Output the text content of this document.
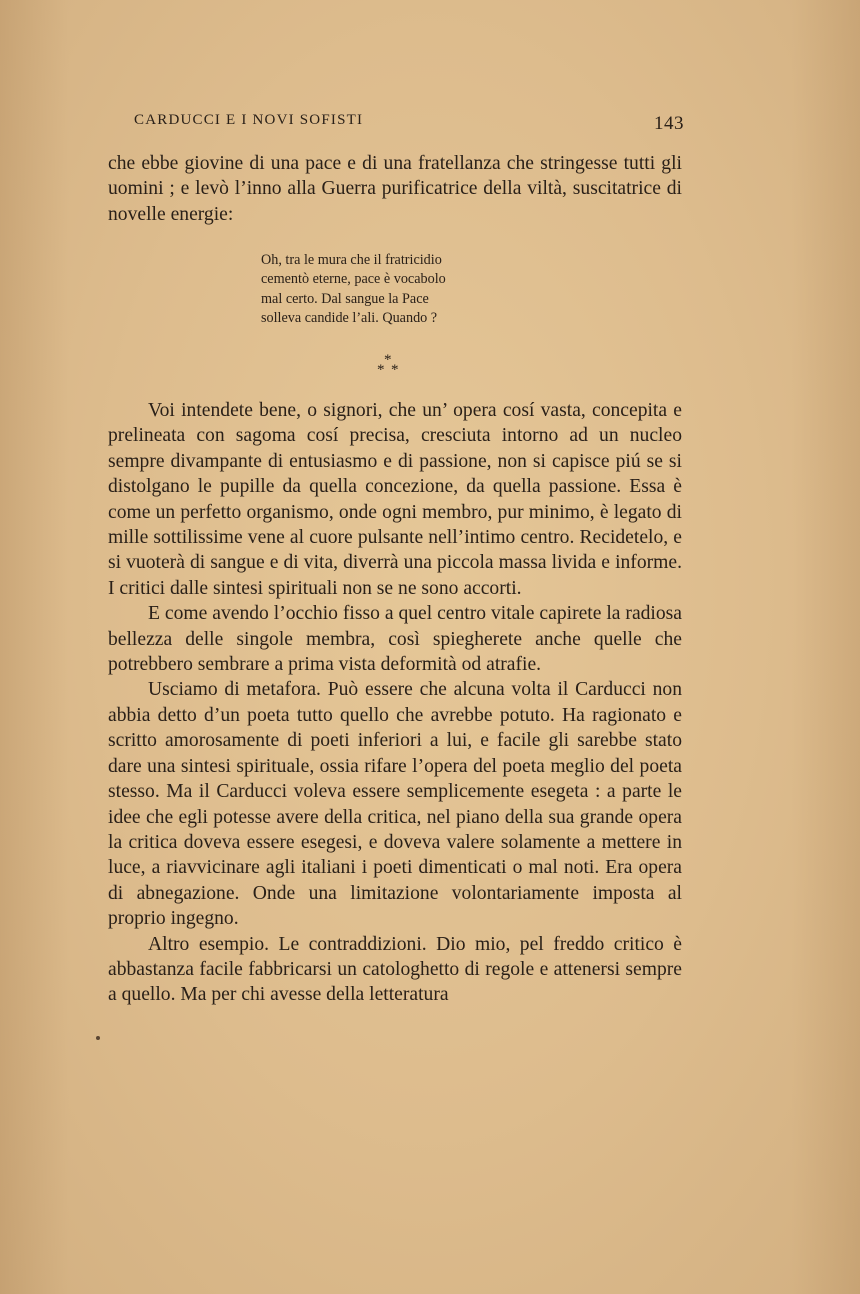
CARDUCCI E I NOVI SOFISTI	143

che ebbe giovine di una pace e di una fratellanza che stringesse tutti gli uomini ; e levò l’inno alla Guerra purificatrice della viltà, suscitatrice di novelle energie:

Oh, tra le mura che il fratricidio
cementò eterne, pace è vocabolo
mal certo. Dal sangue la Pace
solleva candide l’ali. Quando ?
*
* *

Voi intendete bene, o signori, che un’ opera cosí vasta, concepita e prelineata con sagoma cosí precisa, cresciuta intorno ad un nucleo sempre divampante di entusiasmo e di passione, non si capisce piú se si distolgano le pupille da quella concezione, da quella passione. Essa è come un perfetto organismo, onde ogni membro, pur minimo, è legato di mille sottilissime vene al cuore pulsante nell’intimo centro. Recidetelo, e si vuoterà di sangue e di vita, diverrà una piccola massa livida e informe. I critici dalle sintesi spirituali non se ne sono accorti.

E come avendo l’occhio fisso a quel centro vitale capirete la radiosa bellezza delle singole membra, così spiegherete anche quelle che potrebbero sembrare a prima vista deformità od atrafie.

Usciamo di metafora. Può essere che alcuna volta il Carducci non abbia detto d’un poeta tutto quello che avrebbe potuto. Ha ragionato e scritto amorosamente di poeti inferiori a lui, e facile gli sarebbe stato dare una sintesi spirituale, ossia rifare l’opera del poeta meglio del poeta stesso. Ma il Carducci voleva essere semplicemente esegeta : a parte le idee che egli potesse avere della critica, nel piano della sua grande opera la critica doveva essere esegesi, e doveva valere solamente a mettere in luce, a riavvicinare agli italiani i poeti dimenticati o mal noti. Era opera di abnegazione. Onde una limitazione volontariamente imposta al proprio ingegno.

Altro esempio. Le contraddizioni. Dio mio, pel freddo critico è abbastanza facile fabbricarsi un catologhetto di regole e attenersi sempre a quello. Ma per chi avesse della letteratura
